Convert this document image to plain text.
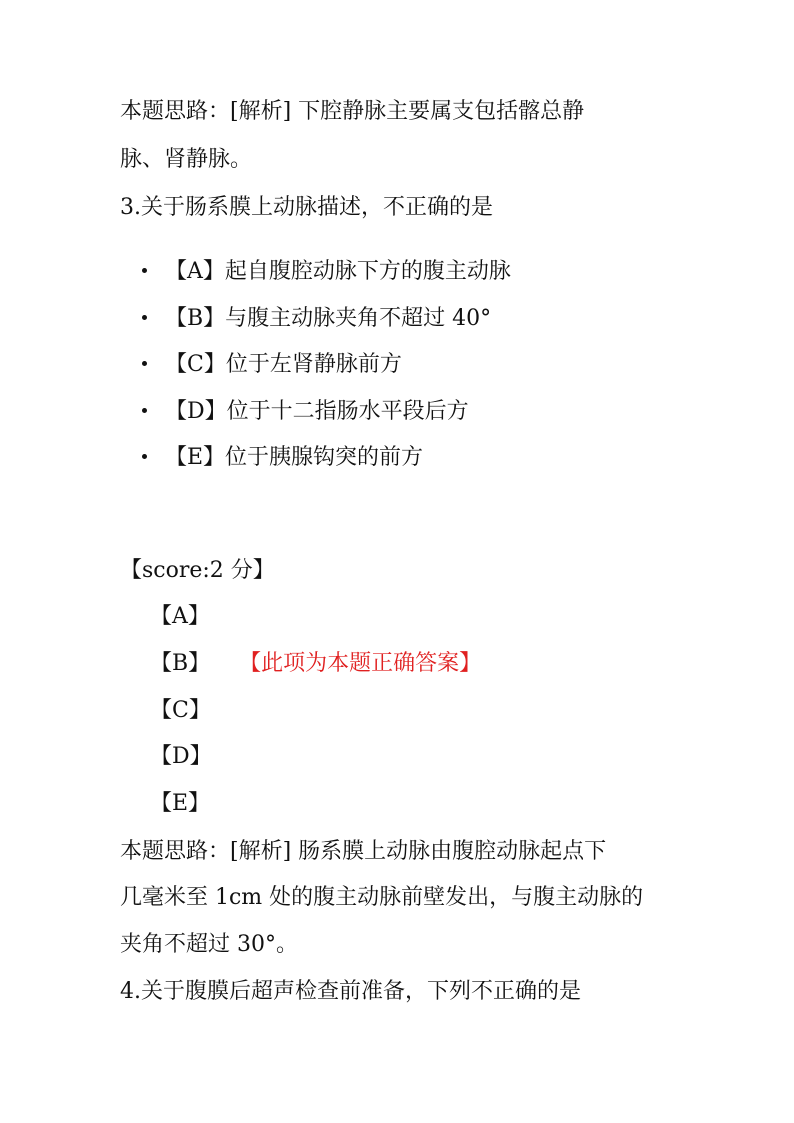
本题思路：[解析] 下腔静脉主要属支包括髂总静
脉、肾静脉。
3.关于肠系膜上动脉描述，不正确的是
【A】起自腹腔动脉下方的腹主动脉
【B】与腹主动脉夹角不超过 40°
【C】位于左肾静脉前方
【D】位于十二指肠水平段后方
【E】位于胰腺钩突的前方
【score:2 分】
【A】
【B】 【此项为本题正确答案】
【C】
【D】
【E】
本题思路：[解析] 肠系膜上动脉由腹腔动脉起点下
几毫米至 1cm 处的腹主动脉前壁发出，与腹主动脉的
夹角不超过 30°。
4.关于腹膜后超声检查前准备，下列不正确的是
